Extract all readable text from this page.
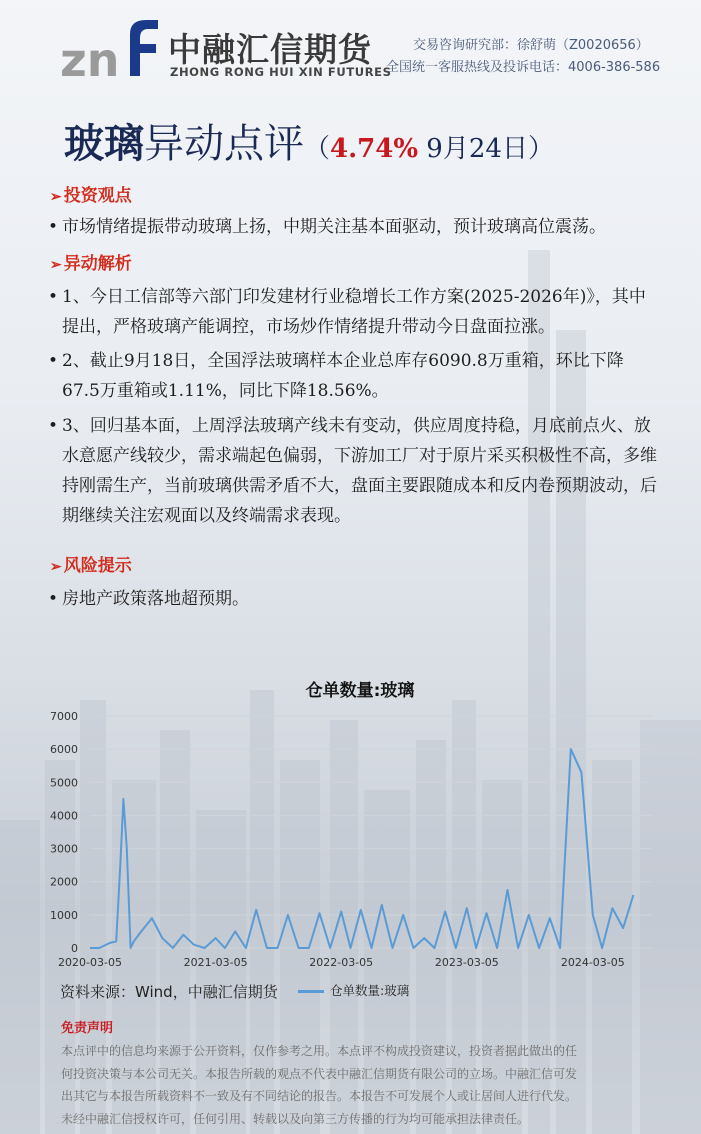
zn 中融汇信期货
ZHONG RONG HUI XIN FUTURES
交易咨询研究部：徐舒萌（Z0020656）
全国统一客服热线及投诉电话：4006-386-586
玻璃异动点评（4.74% 9月24日）
➢ 投资观点
• 市场情绪提振带动玻璃上扬，中期关注基本面驱动，预计玻璃高位震荡。
➢ 异动解析
• 1、今日工信部等六部门印发建材行业稳增长工作方案(2025-2026年)》，其中提出，严格玻璃产能调控，市场炒作情绪提升带动今日盘面拉涨。
• 2、截止9月18日，全国浮法玻璃样本企业总库存6090.8万重箱，环比下降67.5万重箱或1.11%，同比下降18.56%。
• 3、回归基本面，上周浮法玻璃产线未有变动，供应周度持稳，月底前点火、放水意愿产线较少，需求端起色偏弱，下游加工厂对于原片采买积极性不高，多维持刚需生产，当前玻璃供需矛盾不大，盘面主要跟随成本和反内卷预期波动，后期继续关注宏观面以及终端需求表现。
➢ 风险提示
• 房地产政策落地超预期。
仓单数量:玻璃
0
1000
2000
3000
4000
5000
6000
7000
2020-03-05	2021-03-05	2022-03-05	2023-03-05	2024-03-05
资料来源：Wind，中融汇信期货	仓单数量:玻璃
免责声明
本点评中的信息均来源于公开资料，仅作参考之用。本点评不构成投资建议，投资者据此做出的任
何投资决策与本公司无关。本报告所载的观点不代表中融汇信期货有限公司的立场。中融汇信可发
出其它与本报告所载资料不一致及有不同结论的报告。本报告不可发展个人或让居间人进行代发。
未经中融汇信授权许可，任何引用、转载以及向第三方传播的行为均可能承担法律责任。
